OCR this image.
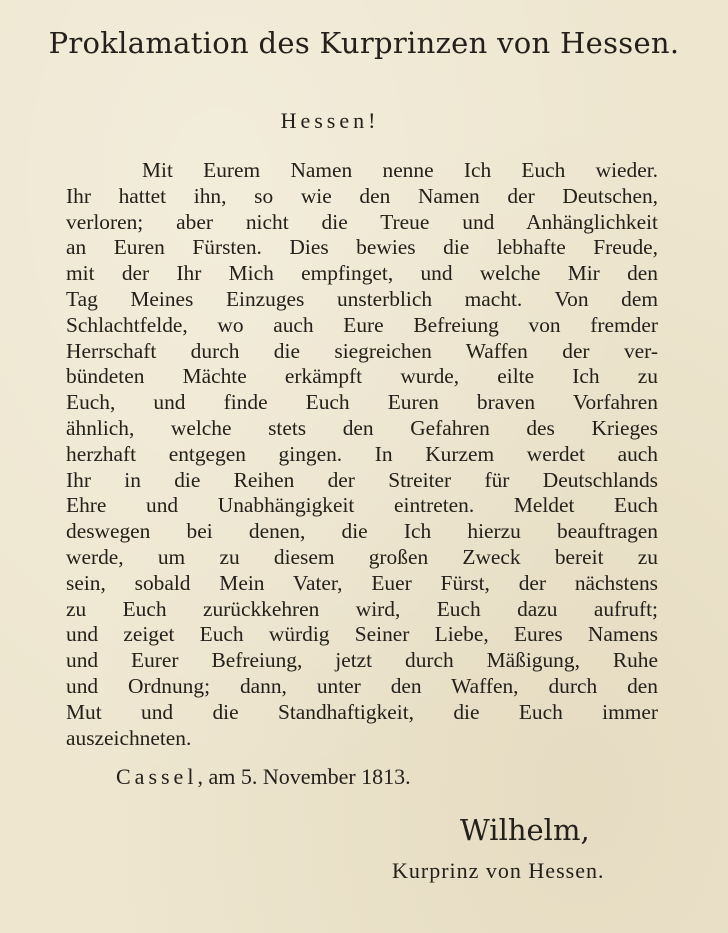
Proklamation des Kurprinzen von Hessen.
Hessen!
Mit Eurem Namen nenne Ich Euch wieder.
Ihr hattet ihn, so wie den Namen der Deutschen,
verloren; aber nicht die Treue und Anhänglichkeit
an Euren Fürsten. Dies bewies die lebhafte Freude,
mit der Ihr Mich empfinget, und welche Mir den
Tag Meines Einzuges unsterblich macht. Von dem
Schlachtfelde, wo auch Eure Befreiung von fremder
Herrschaft durch die siegreichen Waffen der ver-
bündeten Mächte erkämpft wurde, eilte Ich zu
Euch, und finde Euch Euren braven Vorfahren
ähnlich, welche stets den Gefahren des Krieges
herzhaft entgegen gingen. In Kurzem werdet auch
Ihr in die Reihen der Streiter für Deutschlands
Ehre und Unabhängigkeit eintreten. Meldet Euch
deswegen bei denen, die Ich hierzu beauftragen
werde, um zu diesem großen Zweck bereit zu
sein, sobald Mein Vater, Euer Fürst, der nächstens
zu Euch zurückkehren wird, Euch dazu aufruft;
und zeiget Euch würdig Seiner Liebe, Eures Namens
und Eurer Befreiung, jetzt durch Mäßigung, Ruhe
und Ordnung; dann, unter den Waffen, durch den
Mut und die Standhaftigkeit, die Euch immer
auszeichneten.
Cassel, am 5. November 1813.
Wilhelm,
Kurprinz von Hessen.
